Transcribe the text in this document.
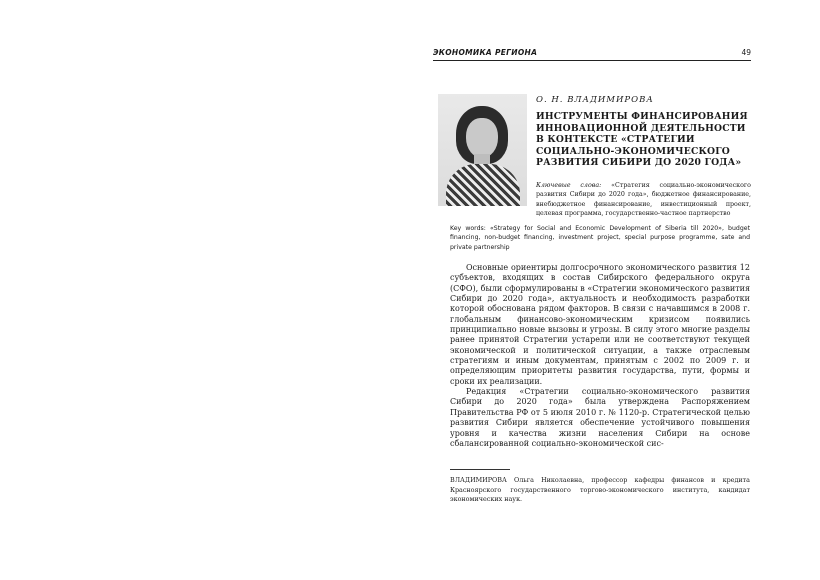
ЭКОНОМИКА РЕГИОНА	49
О. Н. ВЛАДИМИРОВА
ИНСТРУМЕНТЫ ФИНАНСИРОВАНИЯ
ИННОВАЦИОННОЙ ДЕЯТЕЛЬНОСТИ
В КОНТЕКСТЕ «СТРАТЕГИИ
СОЦИАЛЬНО-ЭКОНОМИЧЕСКОГО
РАЗВИТИЯ СИБИРИ ДО 2020 ГОДА»
Ключевые слова: «Стратегия социально-экономического развития Сибири до 2020 года», бюджетное финансирование, внебюджетное финансирование, инвестиционный проект, целевая программа, государственно-частное партнерство
Key words: «Strategy for Social and Economic Development of Siberia till 2020», budget financing, non-budget financing, investment project, special purpose programme, sate and private partnership

Основные ориентиры долгосрочного экономического развития 12 субъектов, входящих в состав Сибирского федерального округа (СФО), были сформулированы в «Стратегии экономического развития Сибири до 2020 года», актуальность и необходимость разработки которой обоснована рядом факторов. В связи с начавшимся в 2008 г. глобальным финансово-экономическим кризисом появились принципиально новые вызовы и угрозы. В силу этого многие разделы ранее принятой Стратегии устарели или не соответствуют текущей экономической и политической ситуации, а также отраслевым стратегиям и иным документам, принятым с 2002 по 2009 г. и определяющим приоритеты развития государства, пути, формы и сроки их реализации.

Редакция «Стратегии социально-экономического развития Сибири до 2020 года» была утверждена Распоряжением Правительства РФ от 5 июля 2010 г. № 1120-р. Стратегической целью развития Сибири является обеспечение устойчивого повышения уровня и качества жизни населения Сибири на основе сбалансированной социально-экономической сис-

ВЛАДИМИРОВА Ольга Николаевна, профессор кафедры финансов и кредита Красноярского государственного торгово-экономического института, кандидат экономических наук.
